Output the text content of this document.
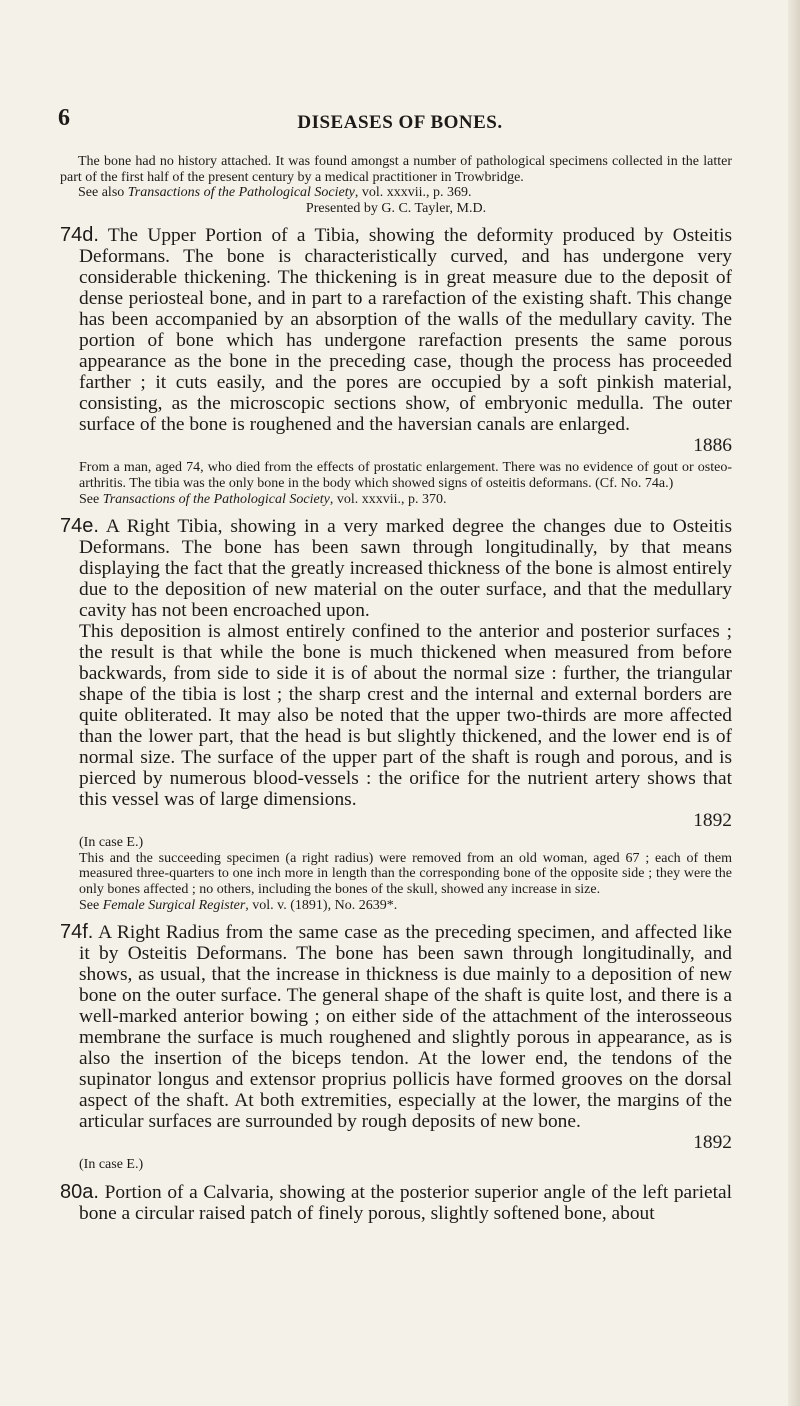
6	DISEASES OF BONES.

The bone had no history attached. It was found amongst a number of pathological specimens collected in the latter part of the first half of the present century by a medical practitioner in Trowbridge.

See also Transactions of the Pathological Society, vol. xxxvii., p. 369.

Presented by G. C. Tayler, M.D.

74d. The Upper Portion of a Tibia, showing the deformity produced by Osteitis Deformans. The bone is characteristically curved, and has undergone very considerable thickening. The thickening is in great measure due to the deposit of dense periosteal bone, and in part to a rarefaction of the existing shaft. This change has been accompanied by an absorption of the walls of the medullary cavity. The portion of bone which has undergone rarefaction presents the same porous appearance as the bone in the preceding case, though the process has proceeded farther ; it cuts easily, and the pores are occupied by a soft pinkish material, consisting, as the microscopic sections show, of embryonic medulla. The outer surface of the bone is roughened and the haversian canals are enlarged.

1886

From a man, aged 74, who died from the effects of prostatic enlargement. There was no evidence of gout or osteo-arthritis. The tibia was the only bone in the body which showed signs of osteitis deformans. (Cf. No. 74a.)

See Transactions of the Pathological Society, vol. xxxvii., p. 370.

74e. A Right Tibia, showing in a very marked degree the changes due to Osteitis Deformans. The bone has been sawn through longitudinally, by that means displaying the fact that the greatly increased thickness of the bone is almost entirely due to the deposition of new material on the outer surface, and that the medullary cavity has not been encroached upon.

This deposition is almost entirely confined to the anterior and posterior surfaces ; the result is that while the bone is much thickened when measured from before backwards, from side to side it is of about the normal size : further, the triangular shape of the tibia is lost ; the sharp crest and the internal and external borders are quite obliterated. It may also be noted that the upper two-thirds are more affected than the lower part, that the head is but slightly thickened, and the lower end is of normal size. The surface of the upper part of the shaft is rough and porous, and is pierced by numerous blood-vessels : the orifice for the nutrient artery shows that this vessel was of large dimensions.

1892

(In case E.)

This and the succeeding specimen (a right radius) were removed from an old woman, aged 67 ; each of them measured three-quarters to one inch more in length than the corresponding bone of the opposite side ; they were the only bones affected ; no others, including the bones of the skull, showed any increase in size.

See Female Surgical Register, vol. v. (1891), No. 2639*.

74f. A Right Radius from the same case as the preceding specimen, and affected like it by Osteitis Deformans. The bone has been sawn through longitudinally, and shows, as usual, that the increase in thickness is due mainly to a deposition of new bone on the outer surface. The general shape of the shaft is quite lost, and there is a well-marked anterior bowing ; on either side of the attachment of the interosseous membrane the surface is much roughened and slightly porous in appearance, as is also the insertion of the biceps tendon. At the lower end, the tendons of the supinator longus and extensor proprius pollicis have formed grooves on the dorsal aspect of the shaft. At both extremities, especially at the lower, the margins of the articular surfaces are surrounded by rough deposits of new bone.

1892

(In case E.)

80a. Portion of a Calvaria, showing at the posterior superior angle of the left parietal bone a circular raised patch of finely porous, slightly softened bone, about
